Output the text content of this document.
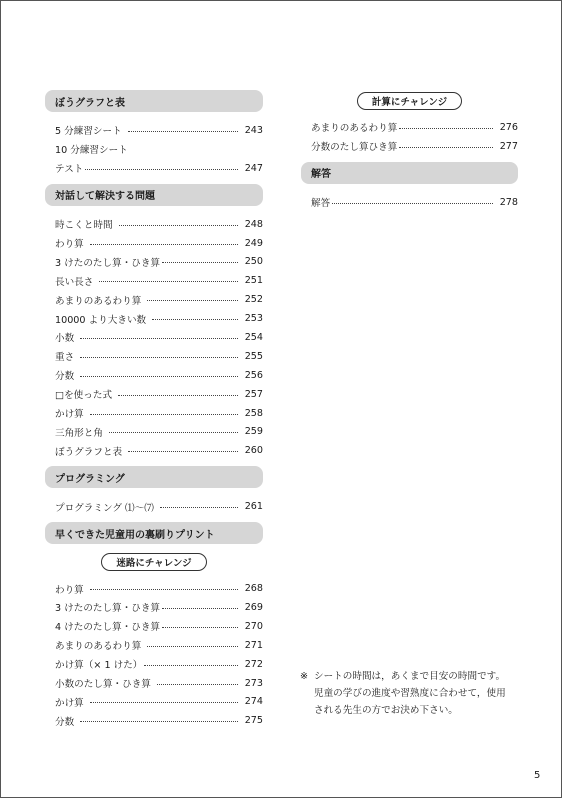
ぼうグラフと表
5 分練習シート	243
10 分練習シート
テスト	247
対話して解決する問題
時こくと時間	248
わり算	249
3 けたのたし算・ひき算	250
長い長さ	251
あまりのあるわり算	252
10000 より大きい数	253
小数	254
重さ	255
分数	256
□を使った式	257
かけ算	258
三角形と角	259
ぼうグラフと表	260
プログラミング
プログラミング ⑴～⑺	261
早くできた児童用の裏刷りプリント
迷路にチャレンジ
わり算	268
3 けたのたし算・ひき算	269
4 けたのたし算・ひき算	270
あまりのあるわり算	271
かけ算（× 1 けた）	272
小数のたし算・ひき算	273
かけ算	274
分数	275
計算にチャレンジ
あまりのあるわり算	276
分数のたし算ひき算	277
解答
解答	278
※ シートの時間は，あくまで目安の時間です。
児童の学びの進度や習熟度に合わせて，使用
される先生の方でお決め下さい。
5
